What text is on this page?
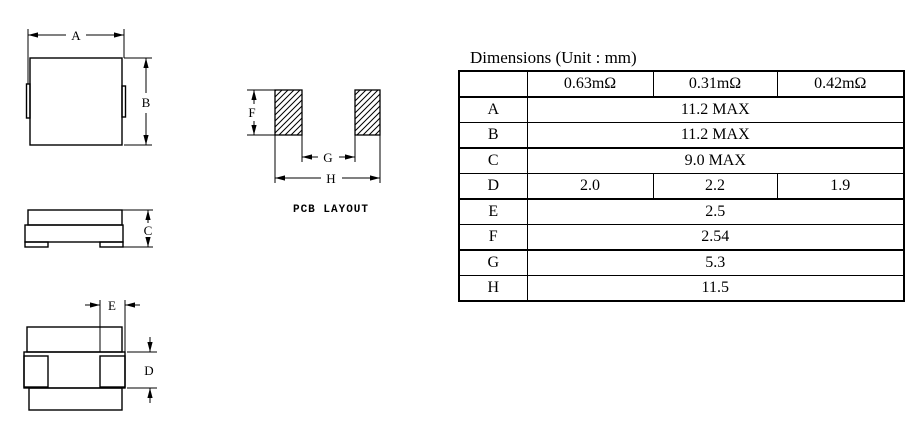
A
B
C
E
D
F
G
H
PCB LAYOUT
Dimensions (Unit : mm)
	0.63mΩ	0.31mΩ	0.42mΩ
A	11.2 MAX		
B	11.2 MAX		
C	9.0 MAX		
D	2.0	2.2	1.9
E	2.5		
F	2.54		
G	5.3		
H	11.5		
